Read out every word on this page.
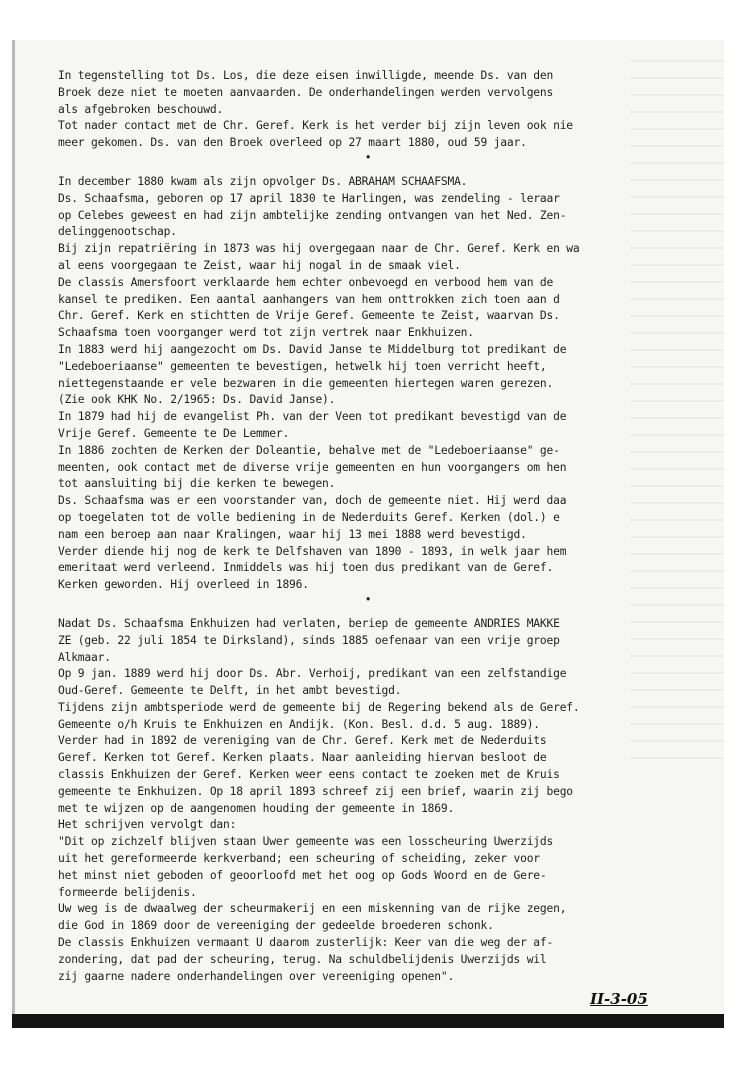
In tegenstelling tot Ds. Los, die deze eisen inwilligde, meende Ds. van den
Broek deze niet te moeten aanvaarden. De onderhandelingen werden vervolgens
als afgebroken beschouwd.
Tot nader contact met de Chr. Geref. Kerk is het verder bij zijn leven ook nie
meer gekomen. Ds. van den Broek overleed op 27 maart 1880, oud 59 jaar.
•
In december 1880 kwam als zijn opvolger Ds. ABRAHAM SCHAAFSMA.
Ds. Schaafsma, geboren op 17 april 1830 te Harlingen, was zendeling - leraar
op Celebes geweest en had zijn ambtelijke zending ontvangen van het Ned. Zen-
delinggenootschap.
Bij zijn repatriëring in 1873 was hij overgegaan naar de Chr. Geref. Kerk en wa
al eens voorgegaan te Zeist, waar hij nogal in de smaak viel.
De classis Amersfoort verklaarde hem echter onbevoegd en verbood hem van de
kansel te prediken. Een aantal aanhangers van hem onttrokken zich toen aan d
Chr. Geref. Kerk en stichtten de Vrije Geref. Gemeente te Zeist, waarvan Ds.
Schaafsma toen voorganger werd tot zijn vertrek naar Enkhuizen.
In 1883 werd hij aangezocht om Ds. David Janse te Middelburg tot predikant de
"Ledeboeriaanse" gemeenten te bevestigen, hetwelk hij toen verricht heeft,
niettegenstaande er vele bezwaren in die gemeenten hiertegen waren gerezen.
(Zie ook KHK No. 2/1965: Ds. David Janse).
In 1879 had hij de evangelist Ph. van der Veen tot predikant bevestigd van de
Vrije Geref. Gemeente te De Lemmer.
In 1886 zochten de Kerken der Doleantie, behalve met de "Ledeboeriaanse" ge-
meenten, ook contact met de diverse vrije gemeenten en hun voorgangers om hen
tot aansluiting bij die kerken te bewegen.
Ds. Schaafsma was er een voorstander van, doch de gemeente niet. Hij werd daa
op toegelaten tot de volle bediening in de Nederduits Geref. Kerken (dol.) e
nam een beroep aan naar Kralingen, waar hij 13 mei 1888 werd bevestigd.
Verder diende hij nog de kerk te Delfshaven van 1890 - 1893, in welk jaar hem
emeritaat werd verleend. Inmiddels was hij toen dus predikant van de Geref.
Kerken geworden. Hij overleed in 1896.
•
Nadat Ds. Schaafsma Enkhuizen had verlaten, beriep de gemeente ANDRIES MAKKE
ZE (geb. 22 juli 1854 te Dirksland), sinds 1885 oefenaar van een vrije groep
Alkmaar.
Op 9 jan. 1889 werd hij door Ds. Abr. Verhoij, predikant van een zelfstandige
Oud-Geref. Gemeente te Delft, in het ambt bevestigd.
Tijdens zijn ambtsperiode werd de gemeente bij de Regering bekend als de Geref.
Gemeente o/h Kruis te Enkhuizen en Andijk. (Kon. Besl. d.d. 5 aug. 1889).
Verder had in 1892 de vereniging van de Chr. Geref. Kerk met de Nederduits
Geref. Kerken tot Geref. Kerken plaats. Naar aanleiding hiervan besloot de
classis Enkhuizen der Geref. Kerken weer eens contact te zoeken met de Kruis
gemeente te Enkhuizen. Op 18 april 1893 schreef zij een brief, waarin zij bego
met te wijzen op de aangenomen houding der gemeente in 1869.
Het schrijven vervolgt dan:
"Dit op zichzelf blijven staan Uwer gemeente was een losscheuring Uwerzijds
uit het gereformeerde kerkverband; een scheuring of scheiding, zeker voor
het minst niet geboden of geoorloofd met het oog op Gods Woord en de Gere-
formeerde belijdenis.
Uw weg is de dwaalweg der scheurmakerij en een miskenning van de rijke zegen,
die God in 1869 door de vereeniging der gedeelde broederen schonk.
De classis Enkhuizen vermaant U daarom zusterlijk: Keer van die weg der af-
zondering, dat pad der scheuring, terug. Na schuldbelijdenis Uwerzijds wil
zij gaarne nadere onderhandelingen over vereeniging openen".
II-3-05
